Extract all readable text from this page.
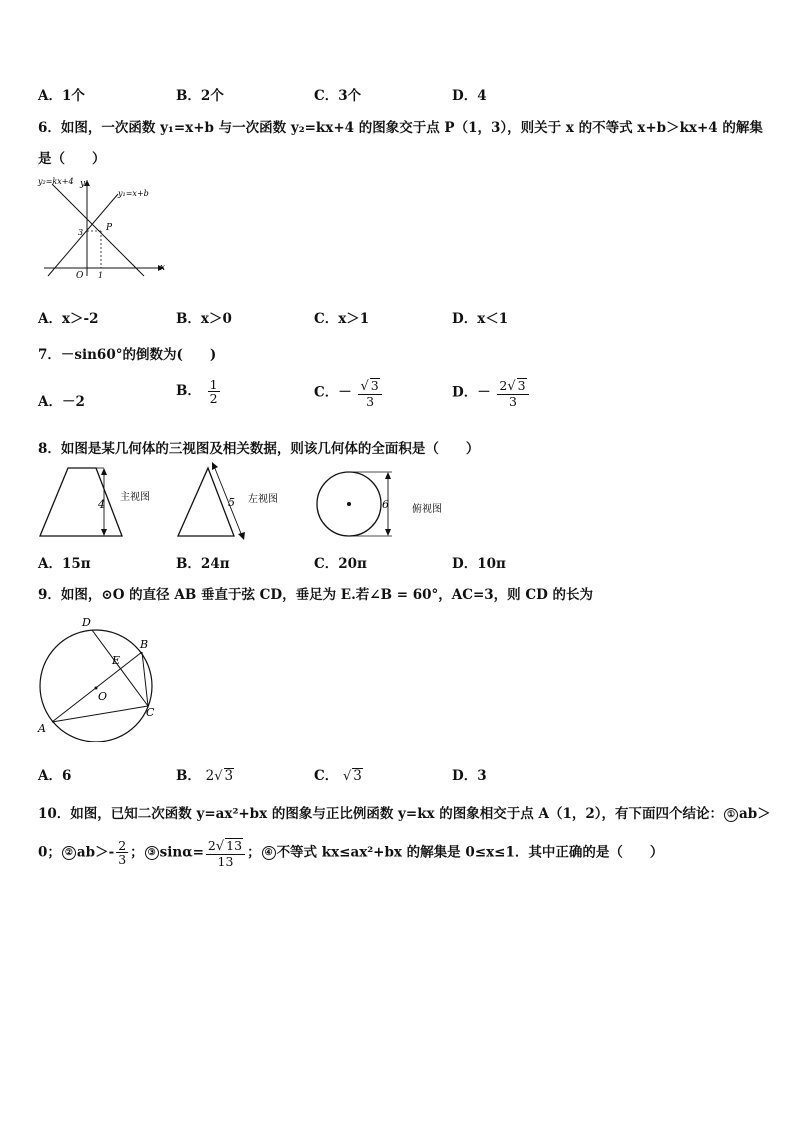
A．1个	B．2个	C．3个	D．4
6．如图，一次函数 y₁=x+b 与一次函数 y₂=kx+4 的图象交于点 P（1，3），则关于 x 的不等式 x+b＞kx+4 的解集
是（　　）
y₂=kx+4 y
y₁=x+b
P
3
O 1
x
A．x＞-2	B．x＞0	C．x＞1	D．x＜1
7．－sin60°的倒数为(　　)
A．－2
B． $\frac{1}{2}$	C．－ $\frac{√ 3}{3}$	D．－ $\frac{2√ 3}{3}$
8．如图是某几何体的三视图及相关数据，则该几何体的全面积是（　　）
4
主视图	5 左视图	6 俯视图
A．15π	B．24π	C．20π	D．10π
9．如图，⊙O 的直径 AB 垂直于弦 CD，垂足为 E.若∠B = 60°，AC=3，则 CD 的长为
D
B
E
O
C
A
A．6	B． 2√ 3	C． √ 3	D．3
10．如图，已知二次函数 y=ax²+bx 的图象与正比例函数 y=kx 的图象相交于点 A（1，2），有下面四个结论： ① ab＞
0； ② $ab>- \frac{2}{3}$ ； ③ $\sin\alpha= \frac{2√ 13}{13}$ ； ④ 不等式 kx≤ax²+bx 的解集是 0≤x≤1．其中正确的是（　　）
